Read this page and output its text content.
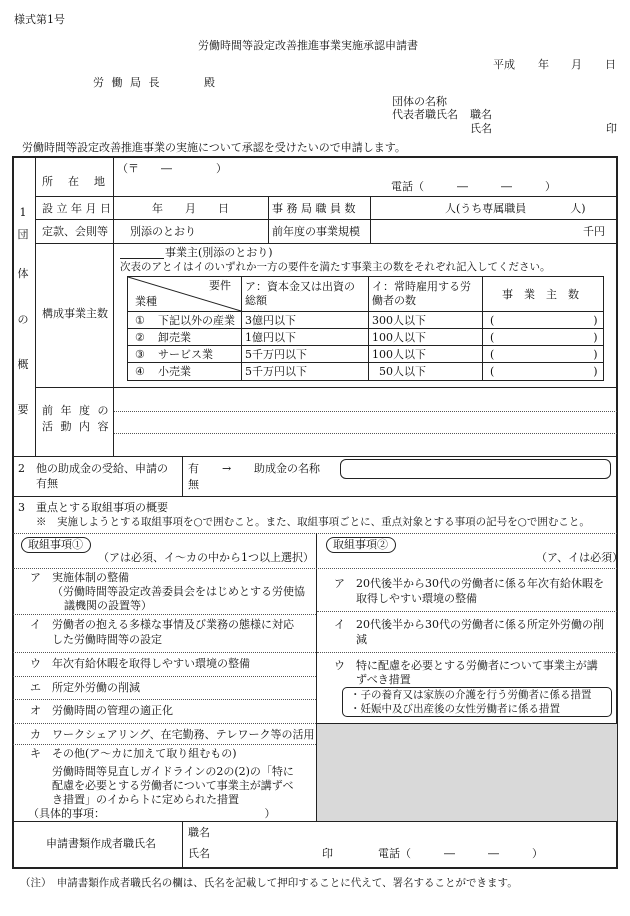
様式第1号
労働時間等設定改善推進事業実施承認申請書
平成 年 月 日
労 働 局 長	殿
団体の名称
代表者職氏名 職名
氏名	印
労働時間等設定改善推進事業の実施について承認を受けたいので申請します。
1
団
体
の
概
要
所　在　地
（〒　　―　　　　）
電話（　　　―　　　―　　　）
設 立 年 月 日	年　　月　　日	事 務 局 職 員 数	人(うち専属職員　　　　人)
定款、会則等 別添のとおり	前年度の事業規模	千円
構成事業主数
事業主(別添のとおり)
次表のアとイはイのいずれか一方の要件を満たす事業主の数をそれぞれ記入してください。
要件
業種
ア：資本金又は出資の総額
イ：常時雇用する労働者の数	事　業　主　数
① 下記以外の産業 3億円以下	300人以下	(　　　　　　　　　)
② 卸売業	1億円以下	100人以下	(　　　　　　　　　)
③ サービス業	5千万円以下	100人以下	(　　　　　　　　　)
④ 小売業	5千万円以下	50人以下	(　　　　　　　　　)
前 年 度 の
活 動 内 容
2 他の助成金の受給、申請の
有無
有 → 助成金の名称
無
3　重点とする取組事項の概要
※　実施しようとする取組事項を○で囲むこと。また、取組事項ごとに、重点対象とする事項の記号を○で囲むこと。
取組事項①
（アは必須、イ～カの中から1つ以上選択）
取組事項②
（ア、イは必須）
ア 実施体制の整備
（労働時間等設定改善委員会をはじめとする労使協
議機関の設置等）
イ 労働者の抱える多様な事情及び業務の態様に対応
した労働時間等の設定
ウ 年次有給休暇を取得しやすい環境の整備
エ 所定外労働の削減
オ 労働時間の管理の適正化
カ ワークシェアリング、在宅勤務、テレワーク等の活用
キ その他(ア～カに加えて取り組むもの)
労働時間等見直しガイドラインの2の(2)の「特に
配慮を必要とする労働者について事業主が講ずべ
き措置」のイからトに定められた措置
（具体的事項：　　　　　　　　　　　　　　　）
ア 20代後半から30代の労働者に係る年次有給休暇を
取得しやすい環境の整備
イ 20代後半から30代の労働者に係る所定外労働の削
減
ウ 特に配慮を必要とする労働者について事業主が講
ずべき措置
・子の養育又は家族の介護を行う労働者に係る措置
・妊娠中及び出産後の女性労働者に係る措置
申請書類作成者職氏名
職名
氏名	印	電話（　　　―　　　―　　　）
（注）　申請書類作成者職氏名の欄は、氏名を記載して押印することに代えて、署名することができます。
